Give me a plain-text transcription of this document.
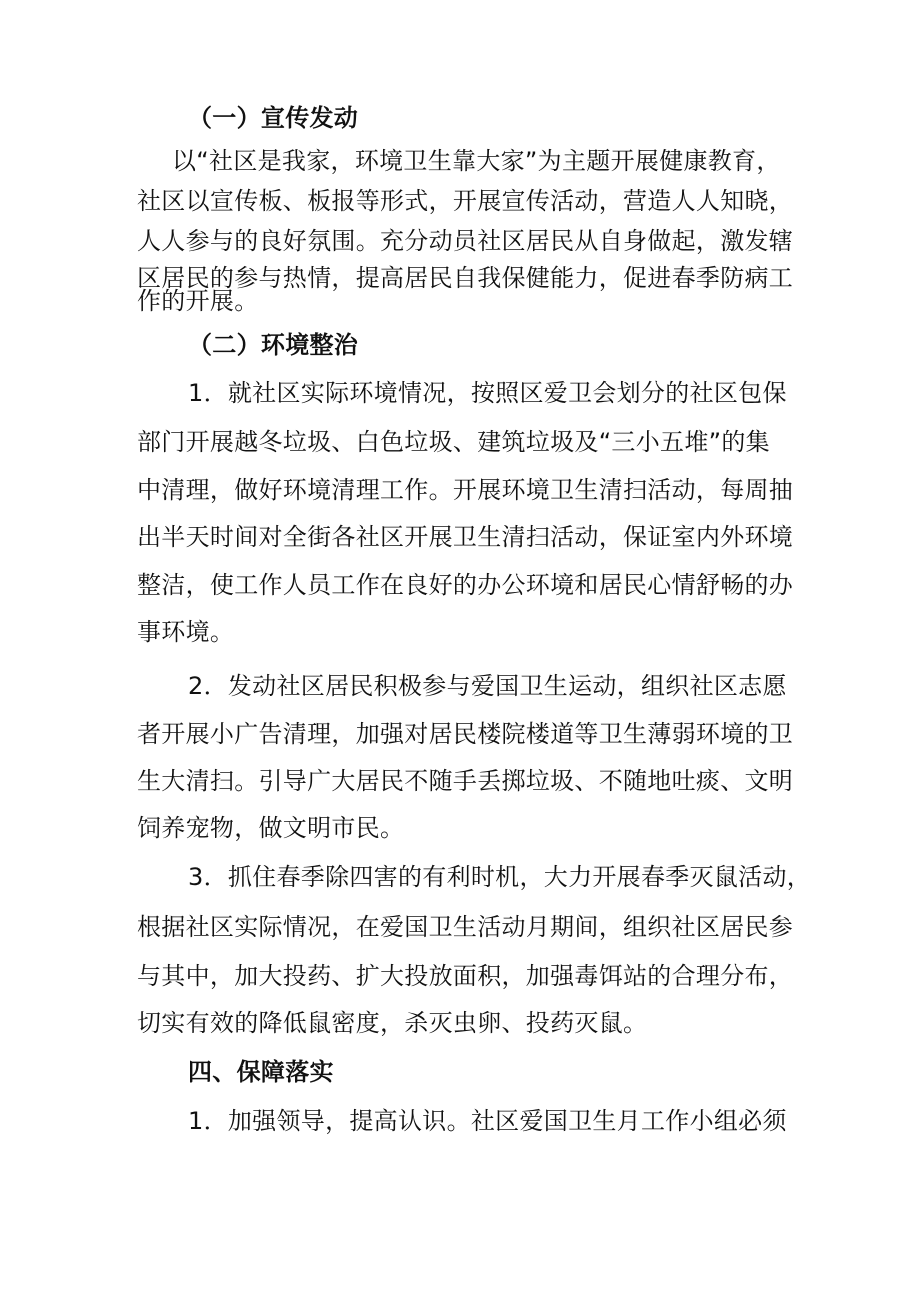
（一）宣传发动
以“社区是我家，环境卫生靠大家”为主题开展健康教育，
社区以宣传板、板报等形式，开展宣传活动，营造人人知晓，
人人参与的良好氛围。充分动员社区居民从自身做起，激发辖
区居民的参与热情，提高居民自我保健能力，促进春季防病工
作的开展。
（二）环境整治
1．就社区实际环境情况，按照区爱卫会划分的社区包保
部门开展越冬垃圾、白色垃圾、建筑垃圾及“三小五堆”的集
中清理，做好环境清理工作。开展环境卫生清扫活动，每周抽
出半天时间对全街各社区开展卫生清扫活动，保证室内外环境
整洁，使工作人员工作在良好的办公环境和居民心情舒畅的办
事环境。
2．发动社区居民积极参与爱国卫生运动，组织社区志愿
者开展小广告清理，加强对居民楼院楼道等卫生薄弱环境的卫
生大清扫。引导广大居民不随手丢掷垃圾、不随地吐痰、文明
饲养宠物，做文明市民。
3．抓住春季除四害的有利时机，大力开展春季灭鼠活动，
根据社区实际情况，在爱国卫生活动月期间，组织社区居民参
与其中，加大投药、扩大投放面积，加强毒饵站的合理分布，
切实有效的降低鼠密度，杀灭虫卵、投药灭鼠。
四、保障落实
1．加强领导，提高认识。社区爱国卫生月工作小组必须
